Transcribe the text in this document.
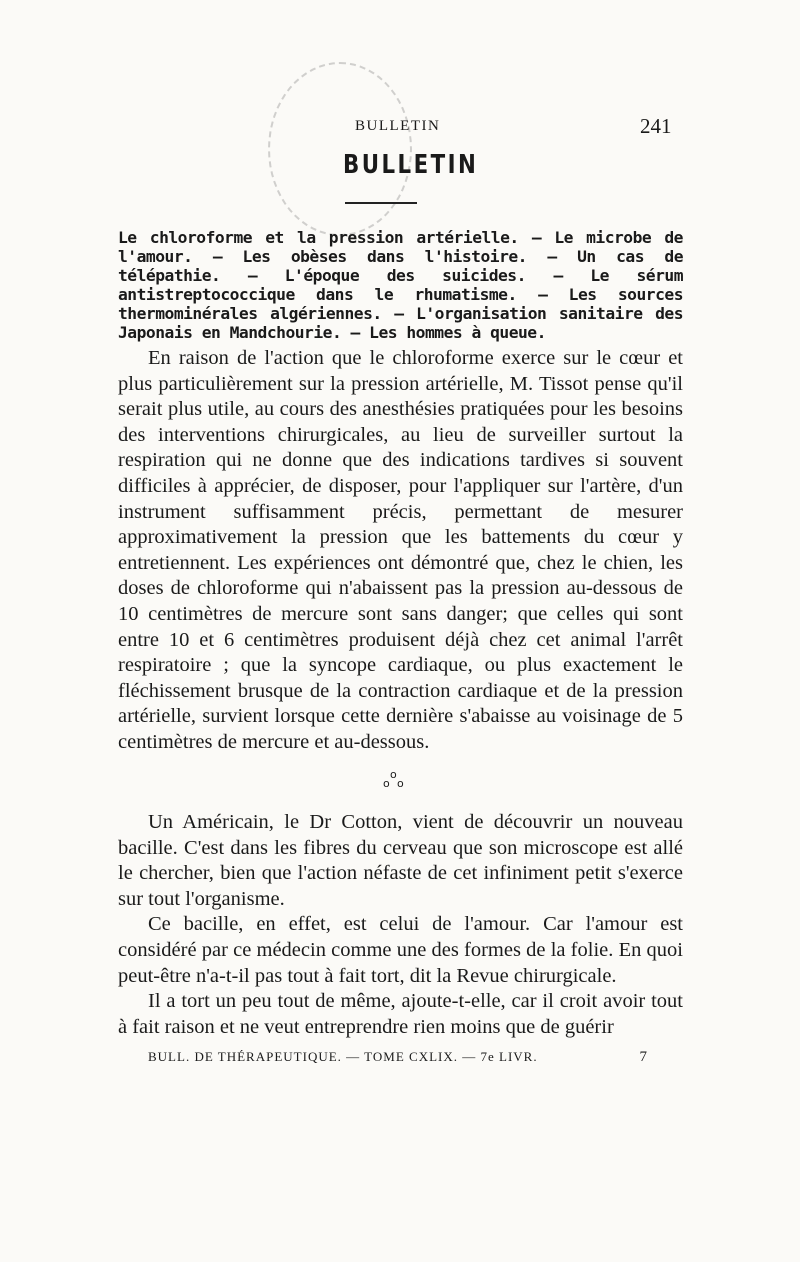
BULLETIN	241
BULLETIN
Le chloroforme et la pression artérielle. — Le microbe de l'amour. — Les obèses dans l'histoire. — Un cas de télépathie. — L'époque des suicides. — Le sérum antistreptococcique dans le rhumatisme. — Les sources thermominérales algériennes. — L'organisation sanitaire des Japonais en Mandchourie. — Les hommes à queue.

En raison de l'action que le chloroforme exerce sur le cœur et plus particulièrement sur la pression artérielle, M. Tissot pense qu'il serait plus utile, au cours des anesthésies pratiquées pour les besoins des interventions chirurgicales, au lieu de surveiller surtout la respiration qui ne donne que des indications tardives si souvent difficiles à apprécier, de disposer, pour l'appliquer sur l'artère, d'un instrument suffisamment précis, permettant de mesurer approximativement la pression que les battements du cœur y entretiennent. Les expériences ont démontré que, chez le chien, les doses de chloroforme qui n'abaissent pas la pression au-dessous de 10 centimètres de mercure sont sans danger; que celles qui sont entre 10 et 6 centimètres produisent déjà chez cet animal l'arrêt respiratoire ; que la syncope cardiaque, ou plus exactement le fléchissement brusque de la contraction cardiaque et de la pression artérielle, survient lorsque cette dernière s'abaisse au voisinage de 5 centimètres de mercure et au-dessous.

o
o o

Un Américain, le Dr Cotton, vient de découvrir un nouveau bacille. C'est dans les fibres du cerveau que son microscope est allé le chercher, bien que l'action néfaste de cet infiniment petit s'exerce sur tout l'organisme.

Ce bacille, en effet, est celui de l'amour. Car l'amour est considéré par ce médecin comme une des formes de la folie. En quoi peut-être n'a-t-il pas tout à fait tort, dit la Revue chirurgicale.

Il a tort un peu tout de même, ajoute-t-elle, car il croit avoir tout à fait raison et ne veut entreprendre rien moins que de guérir

BULL. DE THÉRAPEUTIQUE. — TOME CXLIX. — 7e LIVR.	7
